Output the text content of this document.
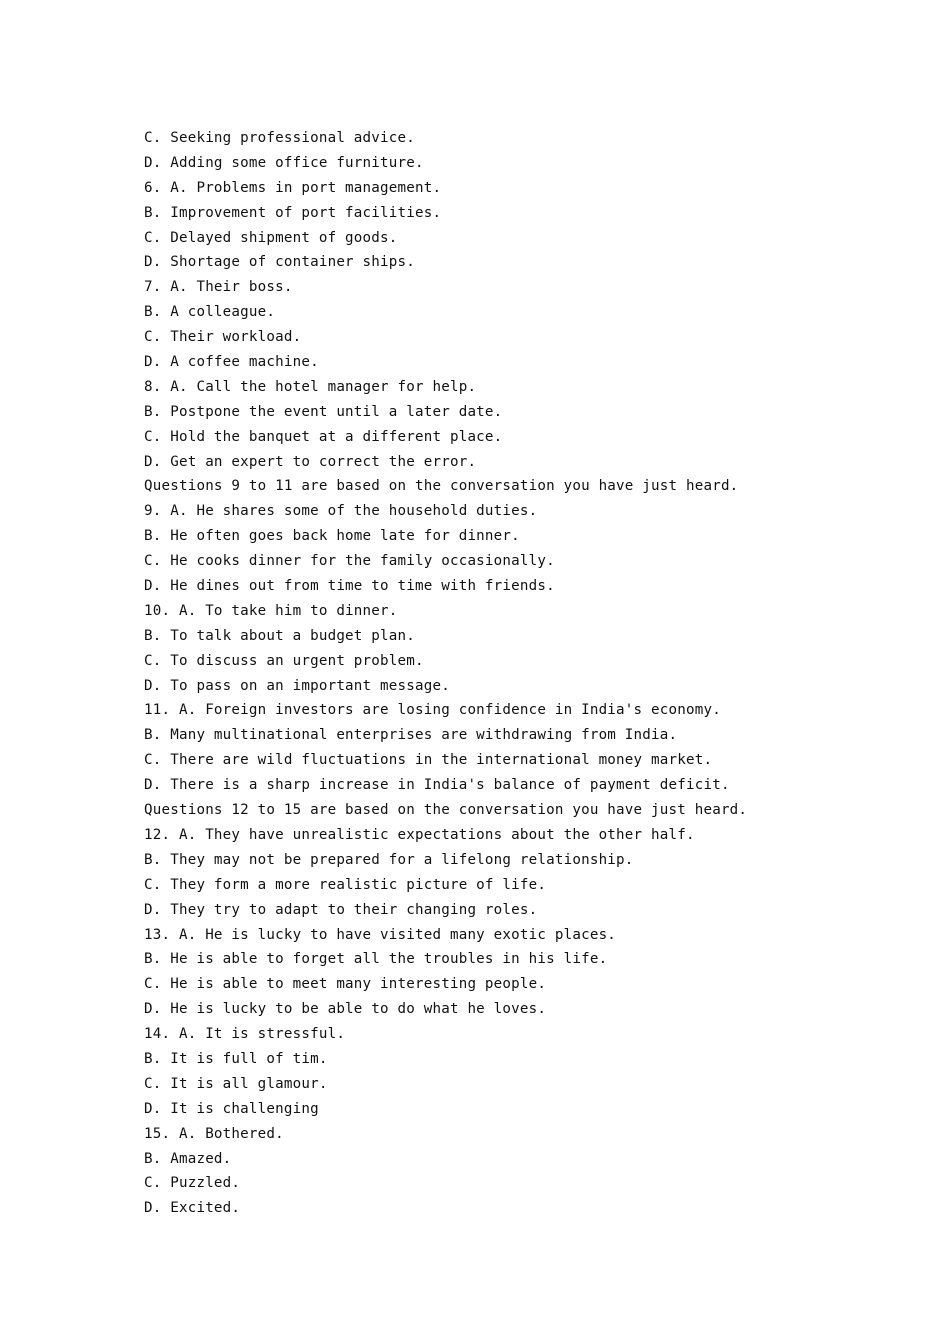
C. Seeking professional advice.
D. Adding some office furniture.
6. A. Problems in port management.
B. Improvement of port facilities.
C. Delayed shipment of goods.
D. Shortage of container ships.
7. A. Their boss.
B. A colleague.
C. Their workload.
D. A coffee machine.
8. A. Call the hotel manager for help.
B. Postpone the event until a later date.
C. Hold the banquet at a different place.
D. Get an expert to correct the error.
Questions 9 to 11 are based on the conversation you have just heard.
9. A. He shares some of the household duties.
B. He often goes back home late for dinner.
C. He cooks dinner for the family occasionally.
D. He dines out from time to time with friends.
10. A. To take him to dinner.
B. To talk about a budget plan.
C. To discuss an urgent problem.
D. To pass on an important message.
11. A. Foreign investors are losing confidence in India's economy.
B. Many multinational enterprises are withdrawing from India.
C. There are wild fluctuations in the international money market.
D. There is a sharp increase in India's balance of payment deficit.
Questions 12 to 15 are based on the conversation you have just heard.
12. A. They have unrealistic expectations about the other half.
B. They may not be prepared for a lifelong relationship.
C. They form a more realistic picture of life.
D. They try to adapt to their changing roles.
13. A. He is lucky to have visited many exotic places.
B. He is able to forget all the troubles in his life.
C. He is able to meet many interesting people.
D. He is lucky to be able to do what he loves.
14. A. It is stressful.
B. It is full of tim.
C. It is all glamour.
D. It is challenging
15. A. Bothered.
B. Amazed.
C. Puzzled.
D. Excited.
